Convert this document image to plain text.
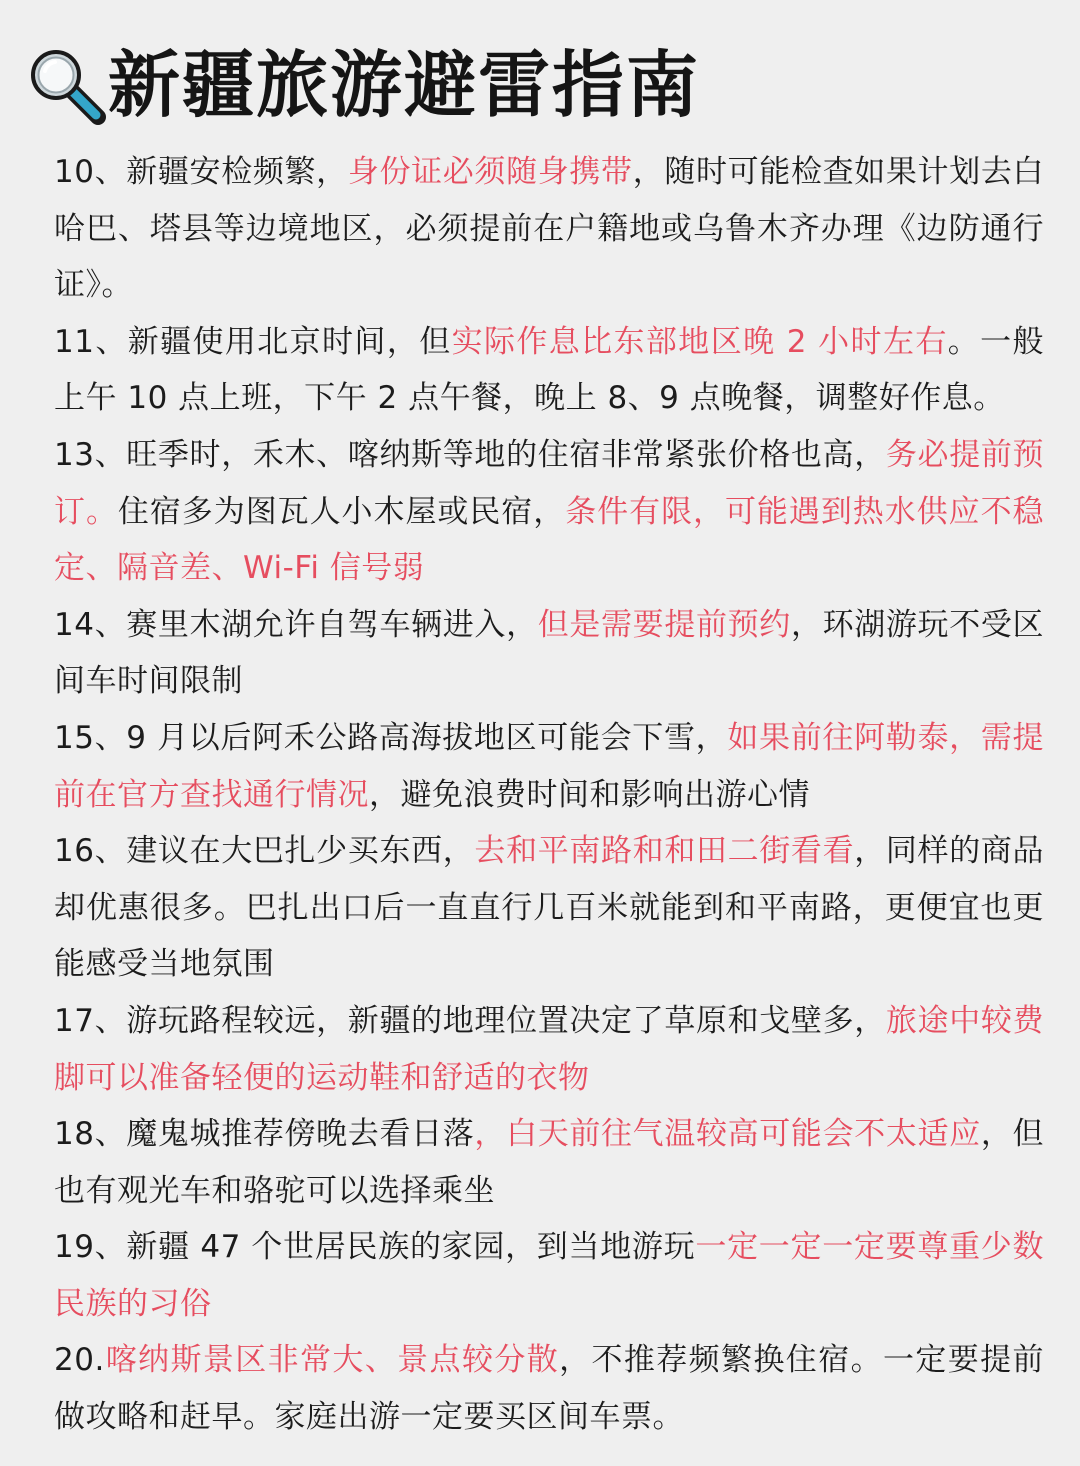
新疆旅游避雷指南

10、新疆安检频繁，身份证必须随身携带，随时可能检查如果计划去白哈巴、塔县等边境地区，必须提前在户籍地或乌鲁木齐办理《边防通行证》。

11、新疆使用北京时间，但实际作息比东部地区晚 2 小时左右。一般上午 10 点上班，下午 2 点午餐，晚上 8、9 点晚餐，调整好作息。

13、旺季时，禾木、喀纳斯等地的住宿非常紧张价格也高，务必提前预订。住宿多为图瓦人小木屋或民宿，条件有限，可能遇到热水供应不稳定、隔音差、Wi-Fi 信号弱

14、赛里木湖允许自驾车辆进入，但是需要提前预约，环湖游玩不受区间车时间限制

15、9 月以后阿禾公路高海拔地区可能会下雪，如果前往阿勒泰，需提前在官方查找通行情况，避免浪费时间和影响出游心情

16、建议在大巴扎少买东西，去和平南路和和田二街看看，同样的商品却优惠很多。巴扎出口后一直直行几百米就能到和平南路，更便宜也更能感受当地氛围

17、游玩路程较远，新疆的地理位置决定了草原和戈壁多，旅途中较费脚可以准备轻便的运动鞋和舒适的衣物

18、魔鬼城推荐傍晚去看日落，白天前往气温较高可能会不太适应，但也有观光车和骆驼可以选择乘坐

19、新疆 47 个世居民族的家园，到当地游玩一定一定一定要尊重少数民族的习俗

20.喀纳斯景区非常大、景点较分散，不推荐频繁换住宿。一定要提前做攻略和赶早。家庭出游一定要买区间车票。
